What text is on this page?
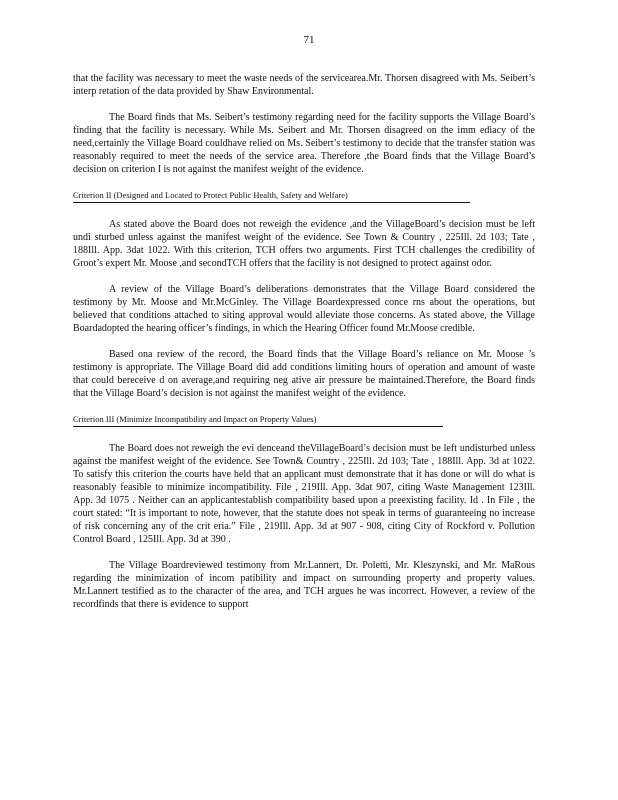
71

that the facility was necessary to meet the waste needs of the servicearea.Mr. Thorsen disagreed with Ms. Seibert’s interp retation of the data provided by Shaw Environmental.

The Board finds that Ms. Seibert’s testimony regarding need for the facility supports the Village Board’s finding that the facility is necessary. While Ms. Seibert and Mr. Thorsen disagreed on the imm ediacy of the need,certainly the Village Board couldhave relied on Ms. Seibert’s testimony to decide that the transfer station was reasonably required to meet the needs of the service area. Therefore ,the Board finds that the Village Board’s decision on criterion I is not against the manifest weight of the evidence.

Criterion II (Designed and Located to Protect Public Health, Safety and Welfare)

As stated above the Board does not reweigh the evidence ,and the VillageBoard’s decision must be left undi sturbed unless against the manifest weight of the evidence. See Town & Country , 225Ill. 2d 103; Tate , 188Ill. App. 3dat 1022. With this criterion, TCH offers two arguments. First TCH challenges the credibility of Groot’s expert Mr. Moose ,and secondTCH offers that the facility is not designed to protect against odor.

A review of the Village Board’s deliberations demonstrates that the Village Board considered the testimony by Mr. Moose and Mr.McGinley. The Village Boardexpressed conce rns about the operations, but believed that conditions attached to siting approval would alleviate those concerns. As stated above, the Village Boardadopted the hearing officer’s findings, in which the Hearing Officer found Mr.Moose credible.

Based ona review of the record, the Board finds that the Village Board’s reliance on Mr. Moose ’s testimony is appropriate. The Village Board did add conditions limiting hours of operation and amount of waste that could bereceive d on average,and requiring neg ative air pressure be maintained.Therefore, the Board finds that the Village Board’s decision is not against the manifest weight of the evidence.

Criterion III (Minimize Incompatibility and Impact on Property Values)

The Board does not reweigh the evi denceand theVillageBoard’s decision must be left undisturbed unless against the manifest weight of the evidence. See Town& Country , 225Ill. 2d 103; Tate , 188Ill. App. 3d at 1022. To satisfy this criterion the courts have held that an applicant must demonstrate that it has done or will do what is reasonably feasible to minimize incompatibility. File , 219Ill. App. 3dat 907, citing Waste Management 123Ill. App. 3d 1075 . Neither can an applicantestablish compatibility based upon a preexisting facility. Id . In File , the court stated: “It is important to note, however, that the statute does not speak in terms of guaranteeing no increase of risk concerning any of the crit eria.” File , 219Ill. App. 3d at 907 - 908, citing City of Rockford v. Pollution Control Board , 125Ill. App. 3d at 390 .

The Village Boardreviewed testimony from Mr.Lannert, Dr. Poletti, Mr. Kleszynski, and Mr. MaRous regarding the minimization of incom patibility and impact on surrounding property and property values. Mr.Lannert testified as to the character of the area, and TCH argues he was incorrect. However, a review of the recordfinds that there is evidence to support
